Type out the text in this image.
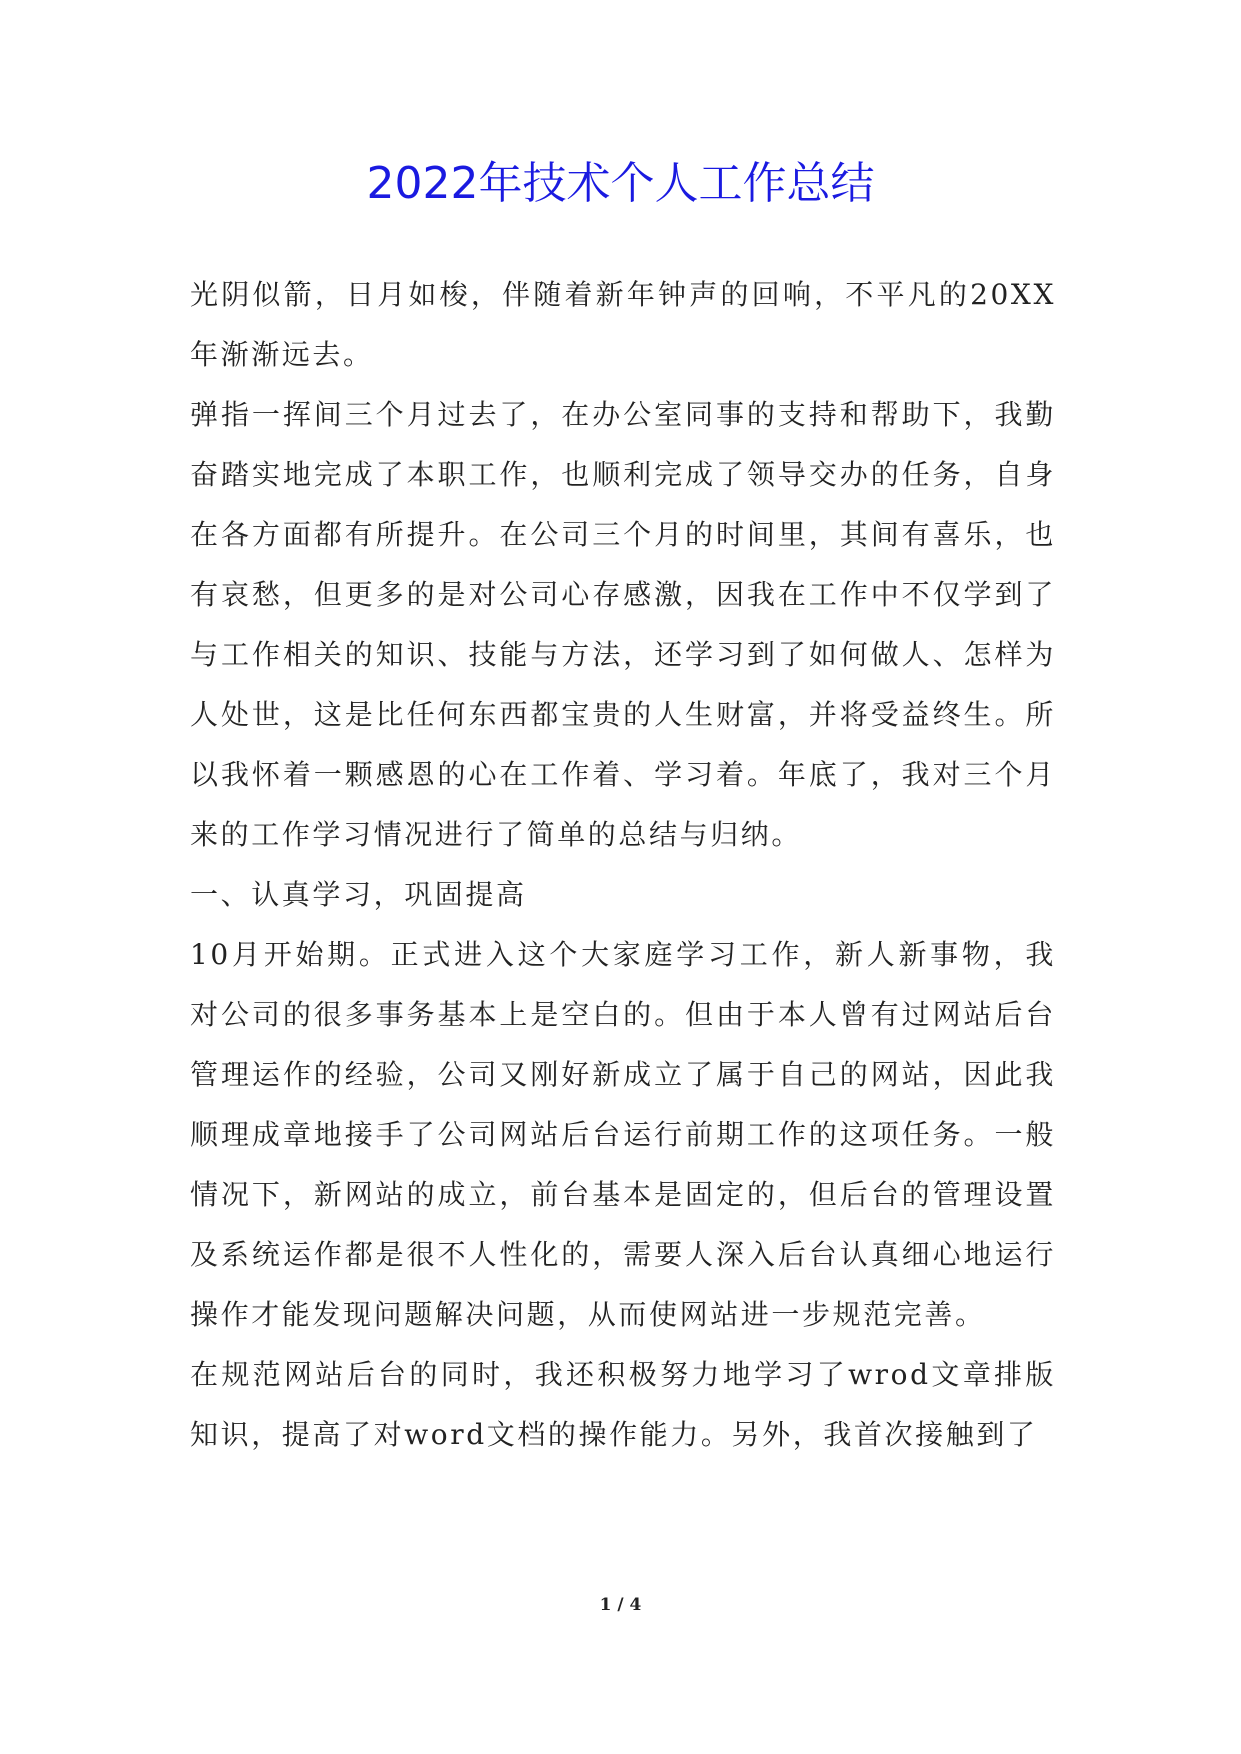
2022年技术个人工作总结

光阴似箭，日月如梭，伴随着新年钟声的回响，不平凡的20XX年渐渐远去。

弹指一挥间三个月过去了，在办公室同事的支持和帮助下，我勤奋踏实地完成了本职工作，也顺利完成了领导交办的任务，自身在各方面都有所提升。在公司三个月的时间里，其间有喜乐，也有哀愁，但更多的是对公司心存感激，因我在工作中不仅学到了与工作相关的知识、技能与方法，还学习到了如何做人、怎样为人处世，这是比任何东西都宝贵的人生财富，并将受益终生。所以我怀着一颗感恩的心在工作着、学习着。年底了，我对三个月来的工作学习情况进行了简单的总结与归纳。

一、认真学习，巩固提高

10月开始期。正式进入这个大家庭学习工作，新人新事物，我对公司的很多事务基本上是空白的。但由于本人曾有过网站后台管理运作的经验，公司又刚好新成立了属于自己的网站，因此我顺理成章地接手了公司网站后台运行前期工作的这项任务。一般情况下，新网站的成立，前台基本是固定的，但后台的管理设置及系统运作都是很不人性化的，需要人深入后台认真细心地运行操作才能发现问题解决问题，从而使网站进一步规范完善。

在规范网站后台的同时，我还积极努力地学习了wrod文章排版知识，提高了对word文档的操作能力。另外，我首次接触到了

1 / 4
